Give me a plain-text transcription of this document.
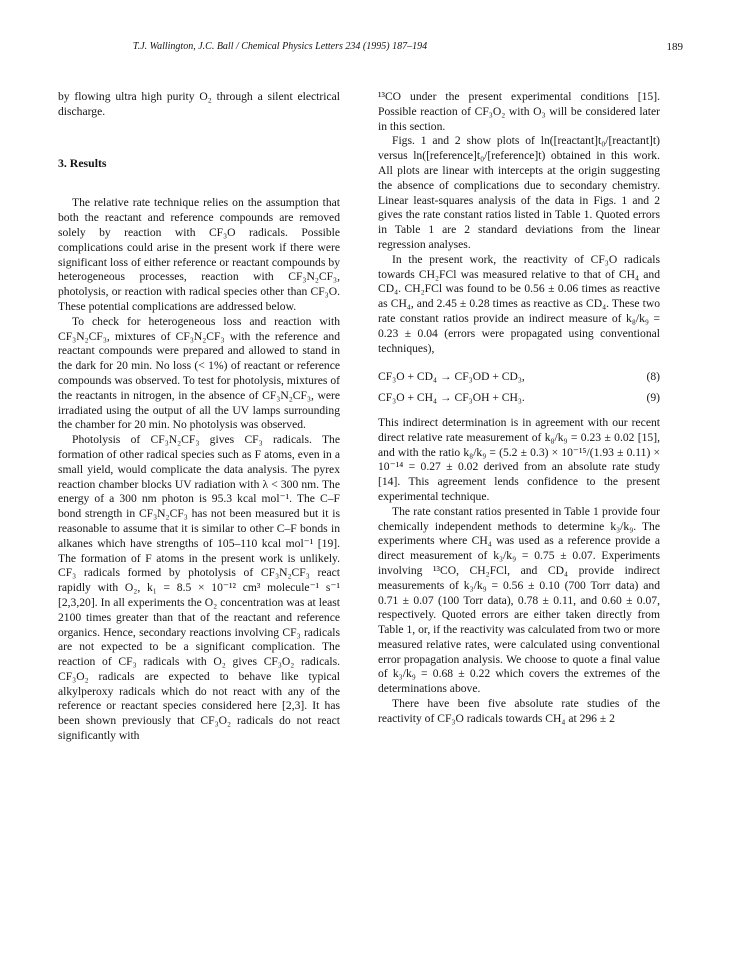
T.J. Wallington, J.C. Ball / Chemical Physics Letters 234 (1995) 187–194	189

by flowing ultra high purity O₂ through a silent electrical discharge.

3. Results

The relative rate technique relies on the assumption that both the reactant and reference compounds are removed solely by reaction with CF₃O radicals. Possible complications could arise in the present work if there were significant loss of either reference or reactant compounds by heterogeneous processes, reaction with CF₃N₂CF₃, photolysis, or reaction with radical species other than CF₃O. These potential complications are addressed below.

To check for heterogeneous loss and reaction with CF₃N₂CF₃, mixtures of CF₃N₂CF₃ with the reference and reactant compounds were prepared and allowed to stand in the dark for 20 min. No loss (< 1%) of reactant or reference compounds was observed. To test for photolysis, mixtures of the reactants in nitrogen, in the absence of CF₃N₂CF₃, were irradiated using the output of all the UV lamps surrounding the chamber for 20 min. No photolysis was observed.

Photolysis of CF₃N₂CF₃ gives CF₃ radicals. The formation of other radical species such as F atoms, even in a small yield, would complicate the data analysis. The pyrex reaction chamber blocks UV radiation with λ < 300 nm. The energy of a 300 nm photon is 95.3 kcal mol⁻¹. The C–F bond strength in CF₃N₂CF₃ has not been measured but it is reasonable to assume that it is similar to other C–F bonds in alkanes which have strengths of 105–110 kcal mol⁻¹ [19]. The formation of F atoms in the present work is unlikely. CF₃ radicals formed by photolysis of CF₃N₂CF₃ react rapidly with O₂, k₁ = 8.5 × 10⁻¹² cm³ molecule⁻¹ s⁻¹ [2,3,20]. In all experiments the O₂ concentration was at least 2100 times greater than that of the reactant and reference organics. Hence, secondary reactions involving CF₃ radicals are not expected to be a significant complication. The reaction of CF₃ radicals with O₂ gives CF₃O₂ radicals. CF₃O₂ radicals are expected to behave like typical alkylperoxy radicals which do not react with any of the reference or reactant species considered here [2,3]. It has been shown previously that CF₃O₂ radicals do not react significantly with

¹³CO under the present experimental conditions [15]. Possible reaction of CF₃O₂ with O₃ will be considered later in this section.

Figs. 1 and 2 show plots of ln([reactant]t₀/[reactant]t) versus ln([reference]t₀/[reference]t) obtained in this work. All plots are linear with intercepts at the origin suggesting the absence of complications due to secondary chemistry. Linear least-squares analysis of the data in Figs. 1 and 2 gives the rate constant ratios listed in Table 1. Quoted errors in Table 1 are 2 standard deviations from the linear regression analyses.

In the present work, the reactivity of CF₃O radicals towards CH₂FCl was measured relative to that of CH₄ and CD₄. CH₂FCl was found to be 0.56 ± 0.06 times as reactive as CH₄, and 2.45 ± 0.28 times as reactive as CD₄. These two rate constant ratios provide an indirect measure of k₈/k₉ = 0.23 ± 0.04 (errors were propagated using conventional techniques),

CF₃O + CD₄ → CF₃OD + CD₃,	(8)
CF₃O + CH₄ → CF₃OH + CH₃.	(9)

This indirect determination is in agreement with our recent direct relative rate measurement of k₈/k₉ = 0.23 ± 0.02 [15], and with the ratio k₈/k₉ = (5.2 ± 0.3) × 10⁻¹⁵/(1.93 ± 0.11) × 10⁻¹⁴ = 0.27 ± 0.02 derived from an absolute rate study [14]. This agreement lends confidence to the present experimental technique.

The rate constant ratios presented in Table 1 provide four chemically independent methods to determine k₃/k₉. The experiments where CH₄ was used as a reference provide a direct measurement of k₃/k₉ = 0.75 ± 0.07. Experiments involving ¹³CO, CH₂FCl, and CD₄ provide indirect measurements of k₃/k₉ = 0.56 ± 0.10 (700 Torr data) and 0.71 ± 0.07 (100 Torr data), 0.78 ± 0.11, and 0.60 ± 0.07, respectively. Quoted errors are either taken directly from Table 1, or, if the reactivity was calculated from two or more measured relative rates, were calculated using conventional error propagation analysis. We choose to quote a final value of k₃/k₉ = 0.68 ± 0.22 which covers the extremes of the determinations above.

There have been five absolute rate studies of the reactivity of CF₃O radicals towards CH₄ at 296 ± 2
